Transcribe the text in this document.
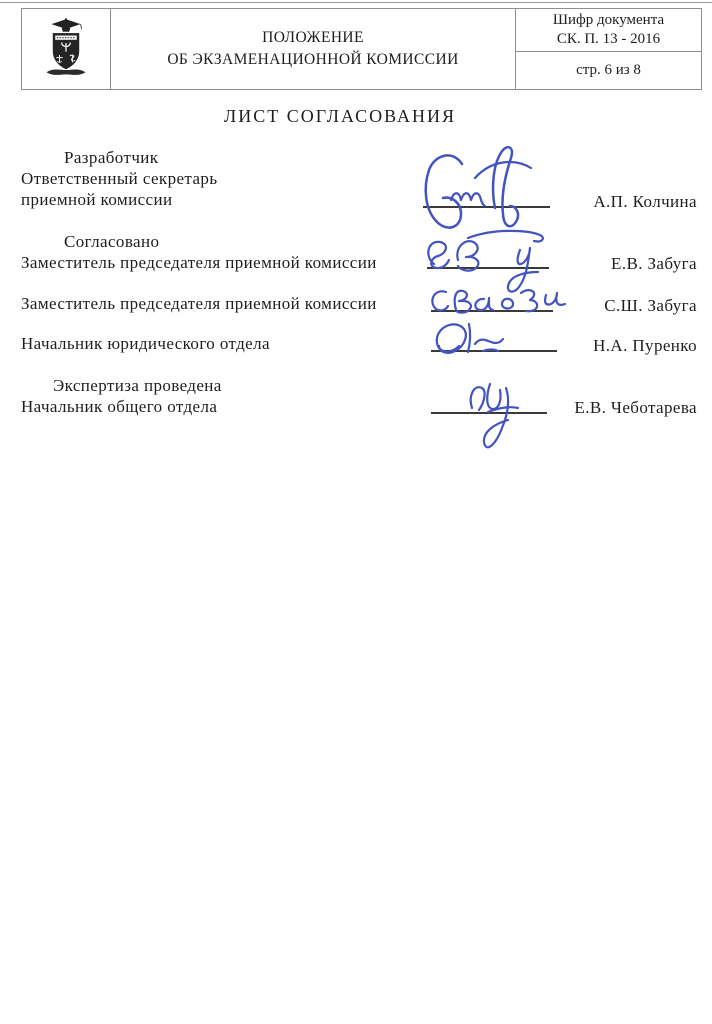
ПОЛОЖЕНИЕ
ОБ ЭКЗАМЕНАЦИОННОЙ КОМИССИИ
Шифр документа
СК. П. 13 - 2016
стр. 6 из 8
ЛИСТ СОГЛАСОВАНИЯ
Разработчик
Ответственный секретарь
приемной комиссии	А.П. Колчина
Согласовано
Заместитель председателя приемной комиссии	Е.В. Забуга
Заместитель председателя приемной комиссии	С.Ш. Забуга
Начальник юридического отдела	Н.А. Пуренко
Экспертиза проведена
Начальник общего отдела	Е.В. Чеботарева
